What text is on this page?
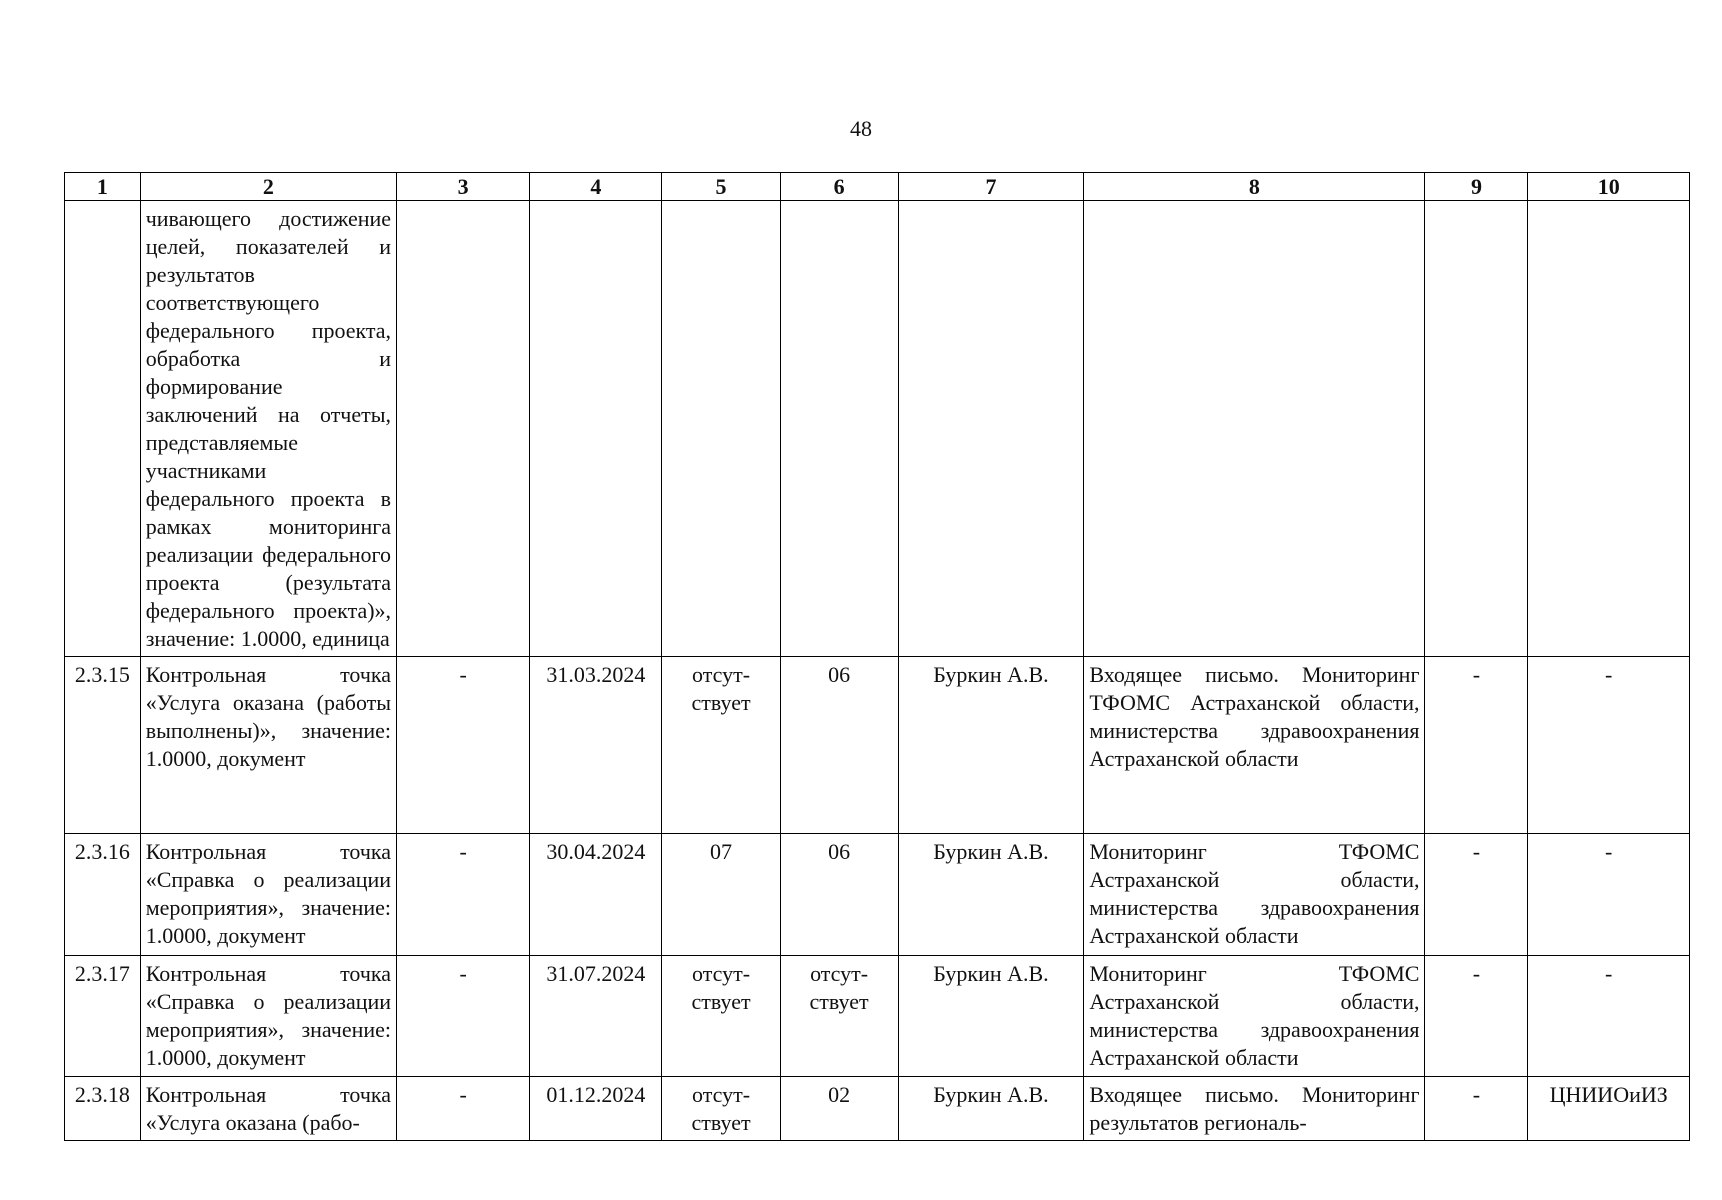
48
1	2	3	4	5	6	7	8	9	10
	чивающего достижение целей, показателей и результатов соответствующего федерального проекта, обработка и формирование заключений на отчеты, представляемые участниками федерального проекта в рамках мониторинга реализации федерального проекта (результата федерального проекта)», значение: 1.0000, единица								
2.3.15	Контрольная точка «Услуга оказана (работы выполнены)», значение: 1.0000, документ	-	31.03.2024	отсут-ствует	06	Буркин А.В.	Входящее письмо. Мониторинг ТФОМС Астраханской области, министерства здравоохранения Астраханской области	-	-
2.3.16	Контрольная точка «Справка о реализации мероприятия», значение: 1.0000, документ	-	30.04.2024	07	06	Буркин А.В.	Мониторинг ТФОМС Астраханской области, министерства здравоохранения Астраханской области	-	-
2.3.17	Контрольная точка «Справка о реализации мероприятия», значение: 1.0000, документ	-	31.07.2024	отсут-ствует	отсут-ствует	Буркин А.В.	Мониторинг ТФОМС Астраханской области, министерства здравоохранения Астраханской области	-	-
2.3.18	Контрольная точка «Услуга оказана (рабо-	-	01.12.2024	отсут-ствует	02	Буркин А.В.	Входящее письмо. Мониторинг результатов региональ-	-	ЦНИИОиИЗ
